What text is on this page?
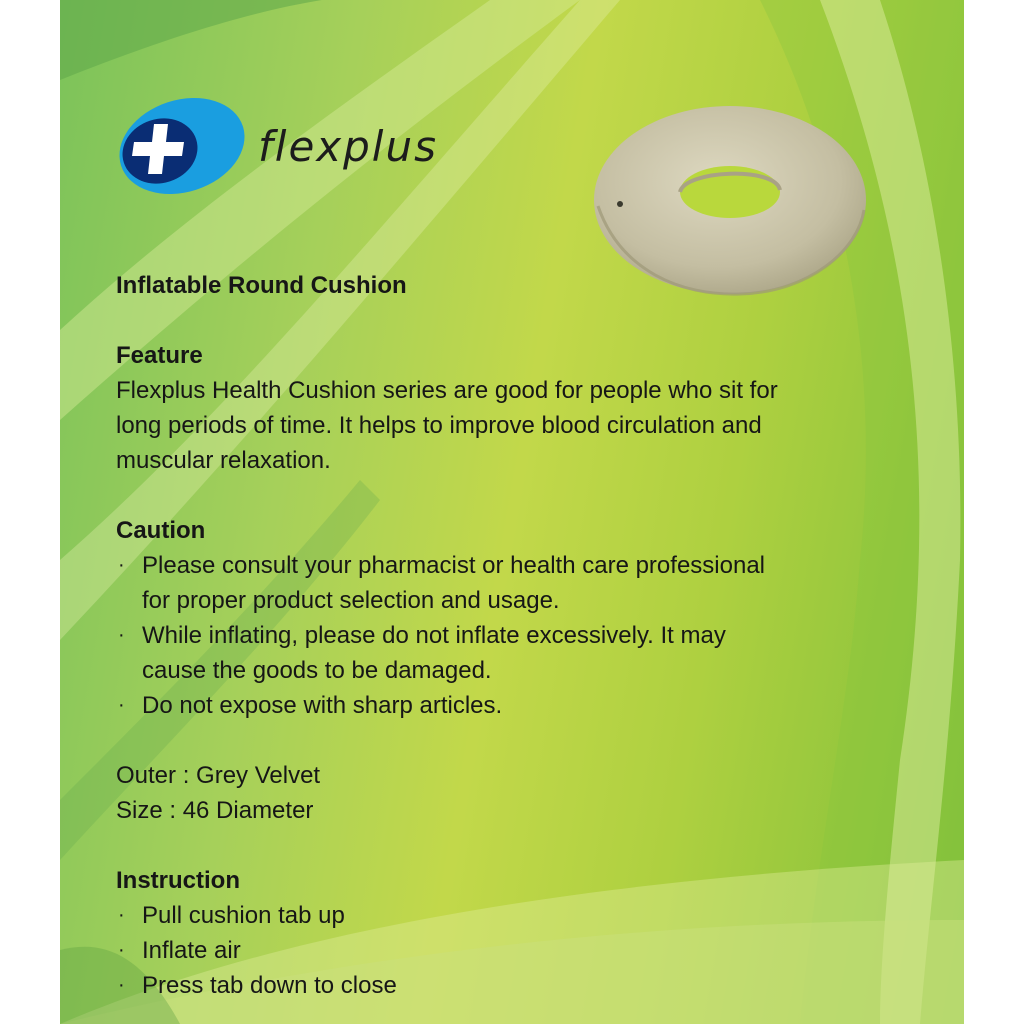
flexplus
Inflatable Round Cushion
Feature
Flexplus Health Cushion series are good for people who sit for
long periods of time. It helps to improve blood circulation and
muscular relaxation.
Caution
· Please consult your pharmacist or health care professional
for proper product selection and usage.
· While inflating, please do not inflate excessively. It may
cause the goods to be damaged.
· Do not expose with sharp articles.
Outer : Grey Velvet
Size : 46 Diameter
Instruction
· Pull cushion tab up
· Inflate air
· Press tab down to close
